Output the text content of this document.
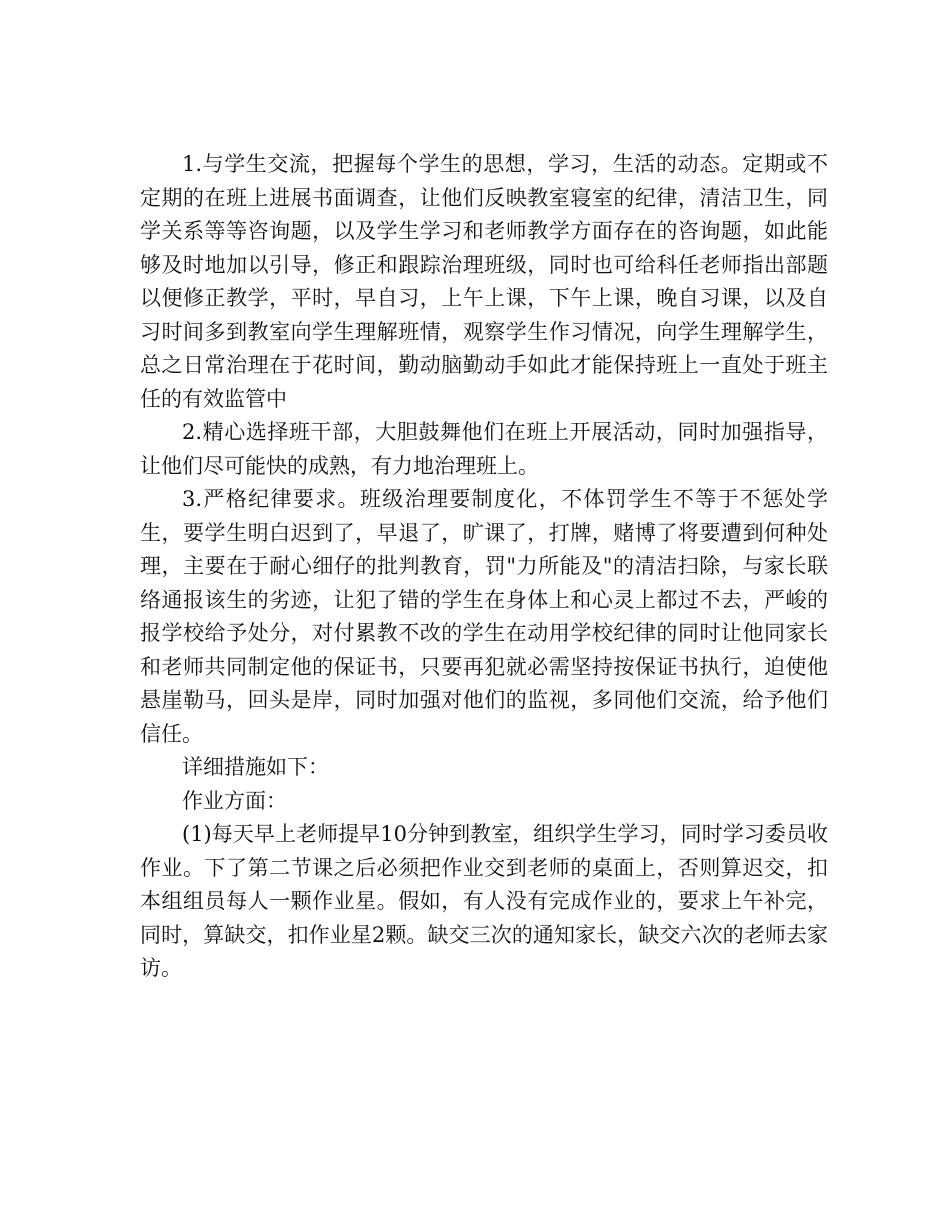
1.与学生交流，把握每个学生的思想，学习，生活的动态。定期或不定期的在班上进展书面调查，让他们反映教室寝室的纪律，清洁卫生，同学关系等等咨询题，以及学生学习和老师教学方面存在的咨询题，如此能够及时地加以引导，修正和跟踪治理班级，同时也可给科任老师指出部题以便修正教学，平时，早自习，上午上课，下午上课，晚自习课，以及自习时间多到教室向学生理解班情，观察学生作习情况，向学生理解学生，总之日常治理在于花时间，勤动脑勤动手如此才能保持班上一直处于班主任的有效监管中

2.精心选择班干部，大胆鼓舞他们在班上开展活动，同时加强指导，让他们尽可能快的成熟，有力地治理班上。

3.严格纪律要求。班级治理要制度化，不体罚学生不等于不惩处学生，要学生明白迟到了，早退了，旷课了，打牌，赌博了将要遭到何种处理，主要在于耐心细仔的批判教育，罚"力所能及"的清洁扫除，与家长联络通报该生的劣迹，让犯了错的学生在身体上和心灵上都过不去，严峻的报学校给予处分，对付累教不改的学生在动用学校纪律的同时让他同家长和老师共同制定他的保证书，只要再犯就必需坚持按保证书执行，迫使他悬崖勒马，回头是岸，同时加强对他们的监视，多同他们交流，给予他们信任。

详细措施如下：

作业方面：

(1)每天早上老师提早10分钟到教室，组织学生学习，同时学习委员收作业。下了第二节课之后必须把作业交到老师的桌面上，否则算迟交，扣本组组员每人一颗作业星。假如，有人没有完成作业的，要求上午补完，同时，算缺交，扣作业星2颗。缺交三次的通知家长，缺交六次的老师去家访。
